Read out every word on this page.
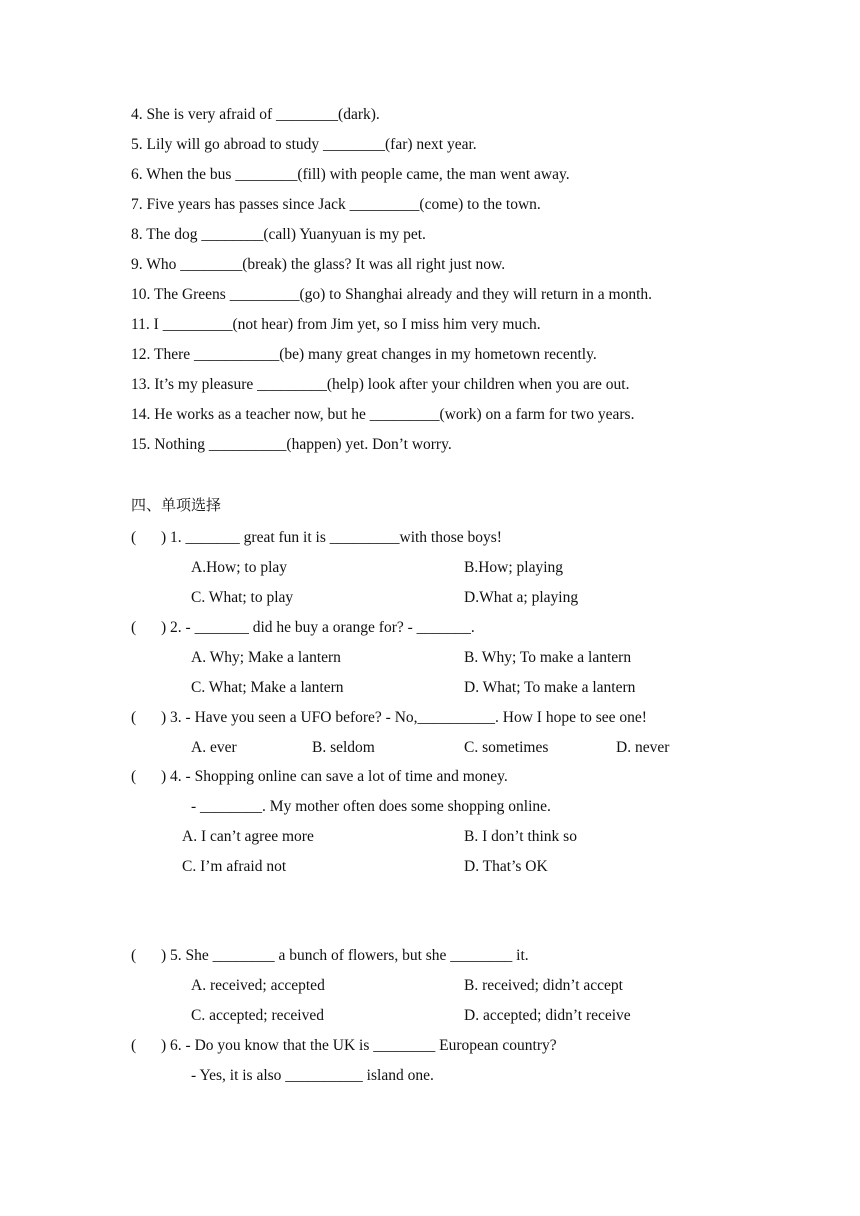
4. She is very afraid of ________(dark).
5. Lily will go abroad to study ________(far) next year.
6. When the bus ________(fill) with people came, the man went away.
7. Five years has passes since Jack _________(come) to the town.
8. The dog ________(call) Yuanyuan is my pet.
9. Who ________(break) the glass? It was all right just now.
10. The Greens _________(go) to Shanghai already and they will return in a month.
11. I _________(not hear) from Jim yet, so I miss him very much.
12. There ___________(be) many great changes in my hometown recently.
13. It’s my pleasure _________(help) look after your children when you are out.
14. He works as a teacher now, but he _________(work) on a farm for two years.
15. Nothing __________(happen) yet. Don’t worry.
四、单项选择
( ) 1. _______ great fun it is _________with those boys!
A.How; to play	B.How; playing
C. What; to play	D.What a; playing
( ) 2. - _______ did he buy a orange for? - _______.
A. Why; Make a lantern	B. Why; To make a lantern
C. What; Make a lantern	D. What; To make a lantern
( ) 3. - Have you seen a UFO before? - No,__________. How I hope to see one!
A. ever	B. seldom	C. sometimes	D. never
( ) 4. - Shopping online can save a lot of time and money.
- ________. My mother often does some shopping online.
A. I can’t agree more	B. I don’t think so
C. I’m afraid not	D. That’s OK
( ) 5. She ________ a bunch of flowers, but she ________ it.
A. received; accepted	B. received; didn’t accept
C. accepted; received	D. accepted; didn’t receive
( ) 6. - Do you know that the UK is ________ European country?
- Yes, it is also __________ island one.
